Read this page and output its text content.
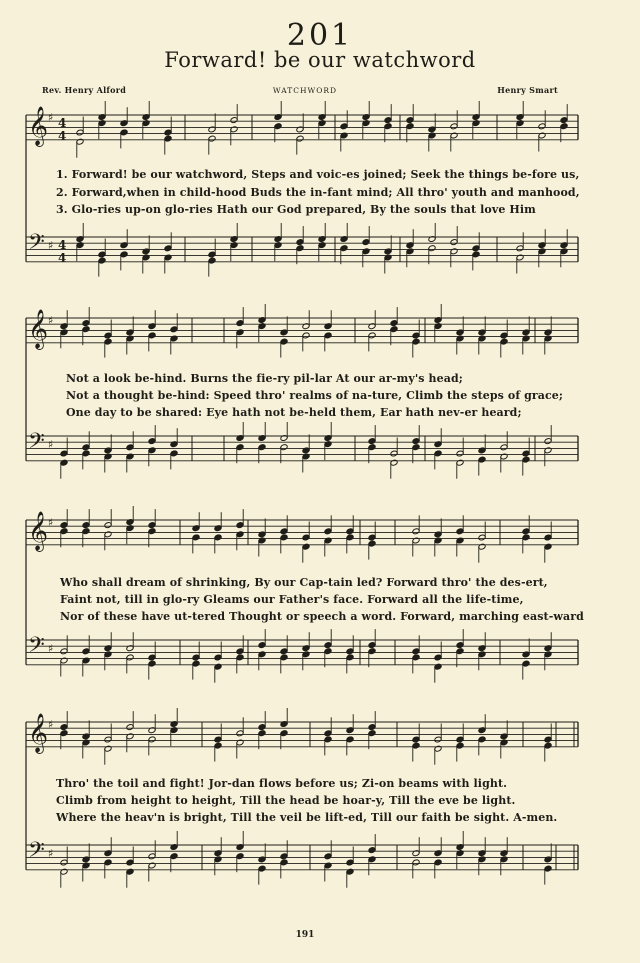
201
Forward! be our watchword
Rev. Henry Alford	WATCHWORD	Henry Smart
𝄞 ♯ 4
4
𝄢 ♯ 4
4
𝄞 ♯
𝄢 ♯
𝄞 ♯
𝄢 ♯
𝄞 ♯
𝄢 ♯
1. Forward! be our watchword, Steps and voic-es joined; Seek the things be-fore us,
2. Forward,when in child-hood Buds the in-fant mind; All thro' youth and manhood,
3. Glo-ries up-on glo-ries Hath our God prepared, By the souls that love Him
Not a look be-hind. Burns the fie-ry pil-lar At our ar-my's head;
Not a thought be-hind: Speed thro' realms of na-ture, Climb the steps of grace;
One day to be shared: Eye hath not be-held them, Ear hath nev-er heard;
Who shall dream of shrinking, By our Cap-tain led? Forward thro' the des-ert,
Faint not, till in glo-ry Gleams our Father's face. Forward all the life-time,
Nor of these have ut-tered Thought or speech a word. Forward, marching east-ward
Thro' the toil and fight! Jor-dan flows before us; Zi-on beams with light.
Climb from height to height, Till the head be hoar-y, Till the eve be light.
Where the heav'n is bright, Till the veil be lift-ed, Till our faith be sight. A-men.
191
